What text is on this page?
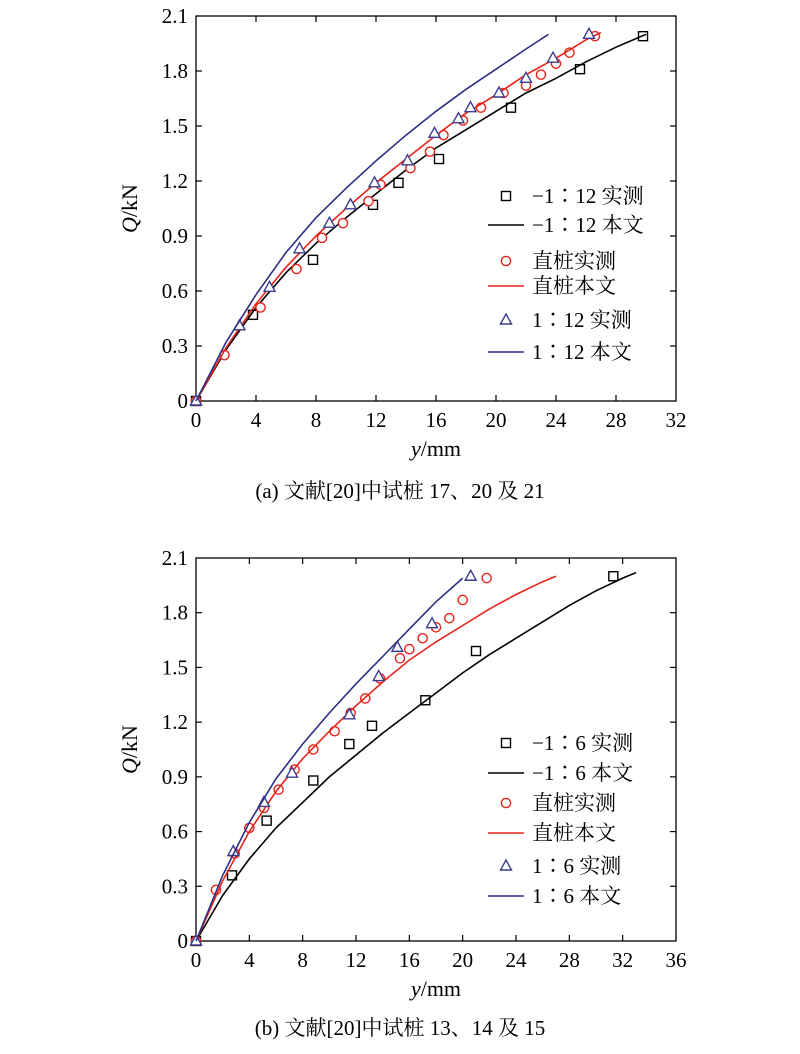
0 4 8 12 16 20 24 28 32
0
0.3
0.6
0.9
1.2
1.5
1.8
2.1
y/mm
Q/kN	−1∶12 实测
−1∶12 本文
直桩实测
直桩本文
1∶12 实测
1∶12 本文
(a) 文献[20]中试桩 17、20 及 21
0 4 8 12 16 20 24 28 32 36
0
0.3
0.6
0.9
1.2
1.5
1.8
2.1
y/mm
Q/kN	−1∶6 实测
−1∶6 本文
直桩实测
直桩本文
1∶6 实测
1∶6 本文
(b) 文献[20]中试桩 13、14 及 15
